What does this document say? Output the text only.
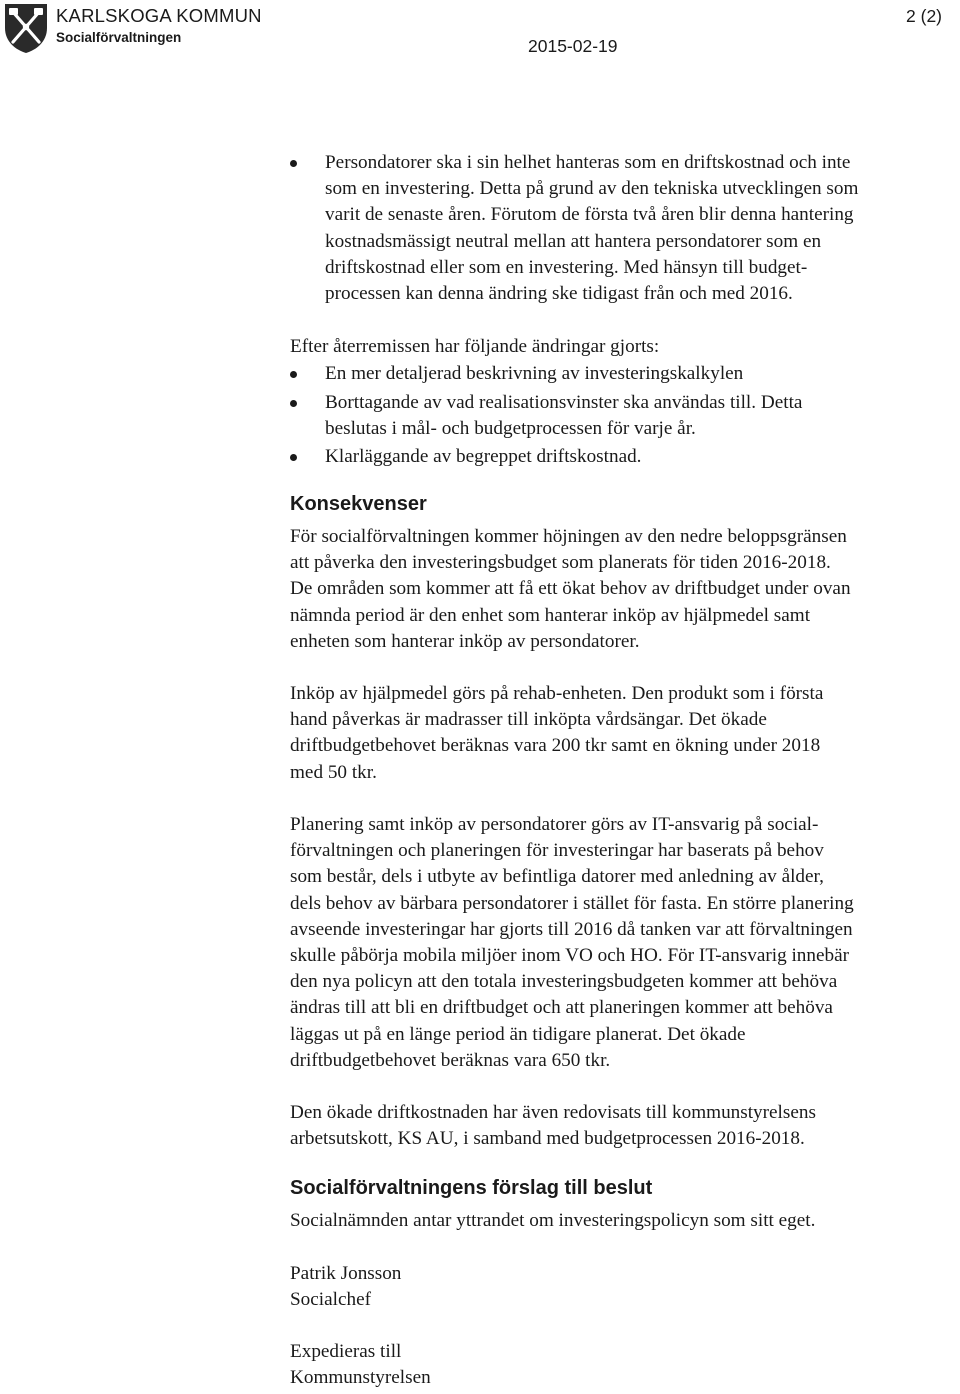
KARLSKOGA KOMMUN
Socialförvaltningen
2 (2)
2015-02-19
Persondatorer ska i sin helhet hanteras som en driftskostnad och inte
som en investering. Detta på grund av den tekniska utvecklingen som
varit de senaste åren. Förutom de första två åren blir denna hantering
kostnadsmässigt neutral mellan att hantera persondatorer som en
driftskostnad eller som en investering. Med hänsyn till budget-
processen kan denna ändring ske tidigast från och med 2016.
Efter återremissen har följande ändringar gjorts:
En mer detaljerad beskrivning av investeringskalkylen
Borttagande av vad realisationsvinster ska användas till. Detta
beslutas i mål- och budgetprocessen för varje år.
Klarläggande av begreppet driftskostnad.
Konsekvenser
För socialförvaltningen kommer höjningen av den nedre beloppsgränsen
att påverka den investeringsbudget som planerats för tiden 2016-2018.
De områden som kommer att få ett ökat behov av driftbudget under ovan
nämnda period är den enhet som hanterar inköp av hjälpmedel samt
enheten som hanterar inköp av persondatorer.
Inköp av hjälpmedel görs på rehab-enheten. Den produkt som i första
hand påverkas är madrasser till inköpta vårdsängar. Det ökade
driftbudgetbehovet beräknas vara 200 tkr samt en ökning under 2018
med 50 tkr.
Planering samt inköp av persondatorer görs av IT-ansvarig på social-
förvaltningen och planeringen för investeringar har baserats på behov
som består, dels i utbyte av befintliga datorer med anledning av ålder,
dels behov av bärbara persondatorer i stället för fasta. En större planering
avseende investeringar har gjorts till 2016 då tanken var att förvaltningen
skulle påbörja mobila miljöer inom VO och HO. För IT-ansvarig innebär
den nya policyn att den totala investeringsbudgeten kommer att behöva
ändras till att bli en driftbudget och att planeringen kommer att behöva
läggas ut på en länge period än tidigare planerat. Det ökade
driftbudgetbehovet beräknas vara 650 tkr.
Den ökade driftkostnaden har även redovisats till kommunstyrelsens
arbetsutskott, KS AU, i samband med budgetprocessen 2016-2018.
Socialförvaltningens förslag till beslut
Socialnämnden antar yttrandet om investeringspolicyn som sitt eget.
Patrik Jonsson
Socialchef
Expedieras till
Kommunstyrelsen
